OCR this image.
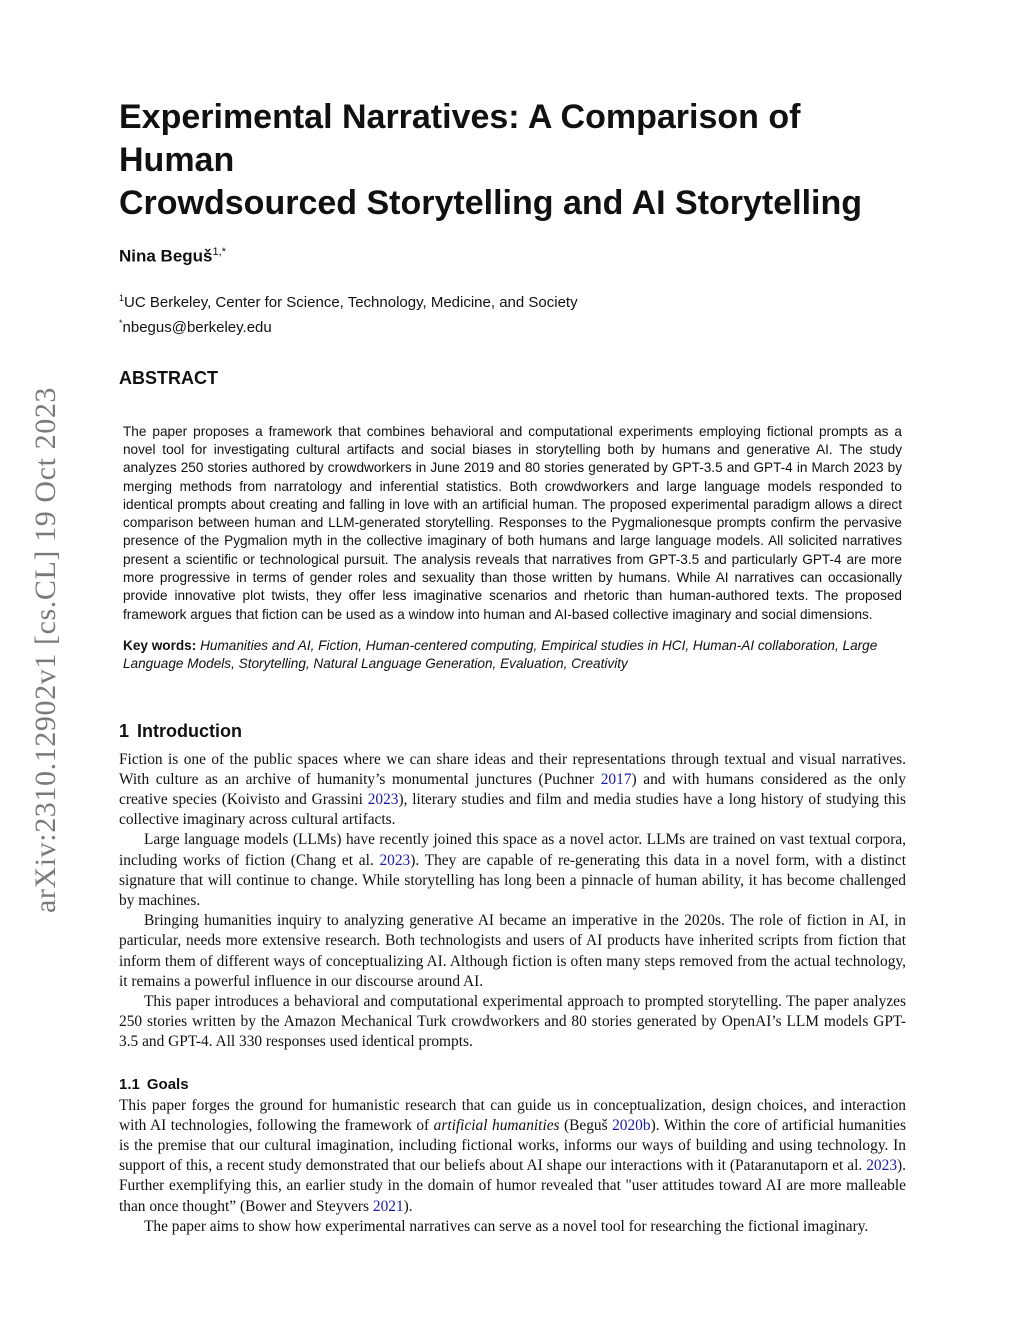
arXiv:2310.12902v1 [cs.CL] 19 Oct 2023
Experimental Narratives: A Comparison of Human
Crowdsourced Storytelling and AI Storytelling
Nina Beguš$^{1,*}$
$^1$UC Berkeley, Center for Science, Technology, Medicine, and Society
*nbegus@berkeley.edu
ABSTRACT

The paper proposes a framework that combines behavioral and computational experiments employing fictional prompts as a novel tool for investigating cultural artifacts and social biases in storytelling both by humans and generative AI. The study analyzes 250 stories authored by crowdworkers in June 2019 and 80 stories generated by GPT-3.5 and GPT-4 in March 2023 by merging methods from narratology and inferential statistics. Both crowdworkers and large language models responded to identical prompts about creating and falling in love with an artificial human. The proposed experimental paradigm allows a direct comparison between human and LLM-generated storytelling. Responses to the Pygmalionesque prompts confirm the pervasive presence of the Pygmalion myth in the collective imaginary of both humans and large language models. All solicited narratives present a scientific or technological pursuit. The analysis reveals that narratives from GPT-3.5 and particularly GPT-4 are more more progressive in terms of gender roles and sexuality than those written by humans. While AI narratives can occasionally provide innovative plot twists, they offer less imaginative scenarios and rhetoric than human-authored texts. The proposed framework argues that fiction can be used as a window into human and AI-based collective imaginary and social dimensions.

Key words: Humanities and AI, Fiction, Human-centered computing, Empirical studies in HCI, Human-AI collaboration, Large Language Models, Storytelling, Natural Language Generation, Evaluation, Creativity

1 Introduction

Fiction is one of the public spaces where we can share ideas and their representations through textual and visual narratives. With culture as an archive of humanity’s monumental junctures (Puchner 2017) and with humans considered as the only creative species (Koivisto and Grassini 2023), literary studies and film and media studies have a long history of studying this collective imaginary across cultural artifacts.

Large language models (LLMs) have recently joined this space as a novel actor. LLMs are trained on vast textual corpora, including works of fiction (Chang et al. 2023). They are capable of re-generating this data in a novel form, with a distinct signature that will continue to change. While storytelling has long been a pinnacle of human ability, it has become challenged by machines.

Bringing humanities inquiry to analyzing generative AI became an imperative in the 2020s. The role of fiction in AI, in particular, needs more extensive research. Both technologists and users of AI products have inherited scripts from fiction that inform them of different ways of conceptualizing AI. Although fiction is often many steps removed from the actual technology, it remains a powerful influence in our discourse around AI.

This paper introduces a behavioral and computational experimental approach to prompted storytelling. The paper analyzes 250 stories written by the Amazon Mechanical Turk crowdworkers and 80 stories generated by OpenAI’s LLM models GPT-3.5 and GPT-4. All 330 responses used identical prompts.

1.1 Goals

This paper forges the ground for humanistic research that can guide us in conceptualization, design choices, and interaction with AI technologies, following the framework of artificial humanities (Beguš 2020b). Within the core of artificial humanities is the premise that our cultural imagination, including fictional works, informs our ways of building and using technology. In support of this, a recent study demonstrated that our beliefs about AI shape our interactions with it (Pataranutaporn et al. 2023). Further exemplifying this, an earlier study in the domain of humor revealed that "user attitudes toward AI are more malleable than once thought” (Bower and Steyvers 2021).

The paper aims to show how experimental narratives can serve as a novel tool for researching the fictional imaginary.
